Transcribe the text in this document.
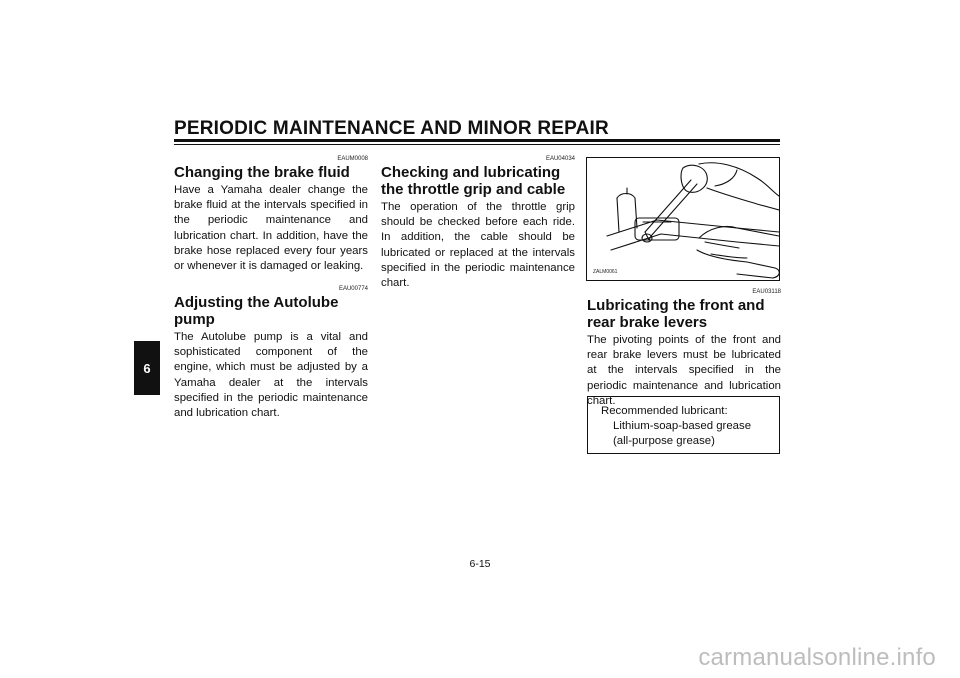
PERIODIC MAINTENANCE AND MINOR REPAIR
6
EAUM0008
Changing the brake fluid
Have a Yamaha dealer change the brake fluid at the intervals specified in the periodic maintenance and lubrication chart. In addition, have the brake hose replaced every four years or whenever it is damaged or leaking.
EAU00774
Adjusting the Autolube pump
The Autolube pump is a vital and sophisticated component of the engine, which must be adjusted by a Yamaha dealer at the intervals specified in the periodic maintenance and lubrication chart.
EAU04034
Checking and lubricating the throttle grip and cable
The operation of the throttle grip should be checked before each ride. In addition, the cable should be lubricated or replaced at the intervals specified in the periodic maintenance chart.
ZALM0061
EAU03118
Lubricating the front and rear brake levers
The pivoting points of the front and rear brake levers must be lubricated at the intervals specified in the periodic maintenance and lubrication chart.
Recommended lubricant:
Lithium-soap-based grease
(all-purpose grease)
6-15
carmanualsonline.info
